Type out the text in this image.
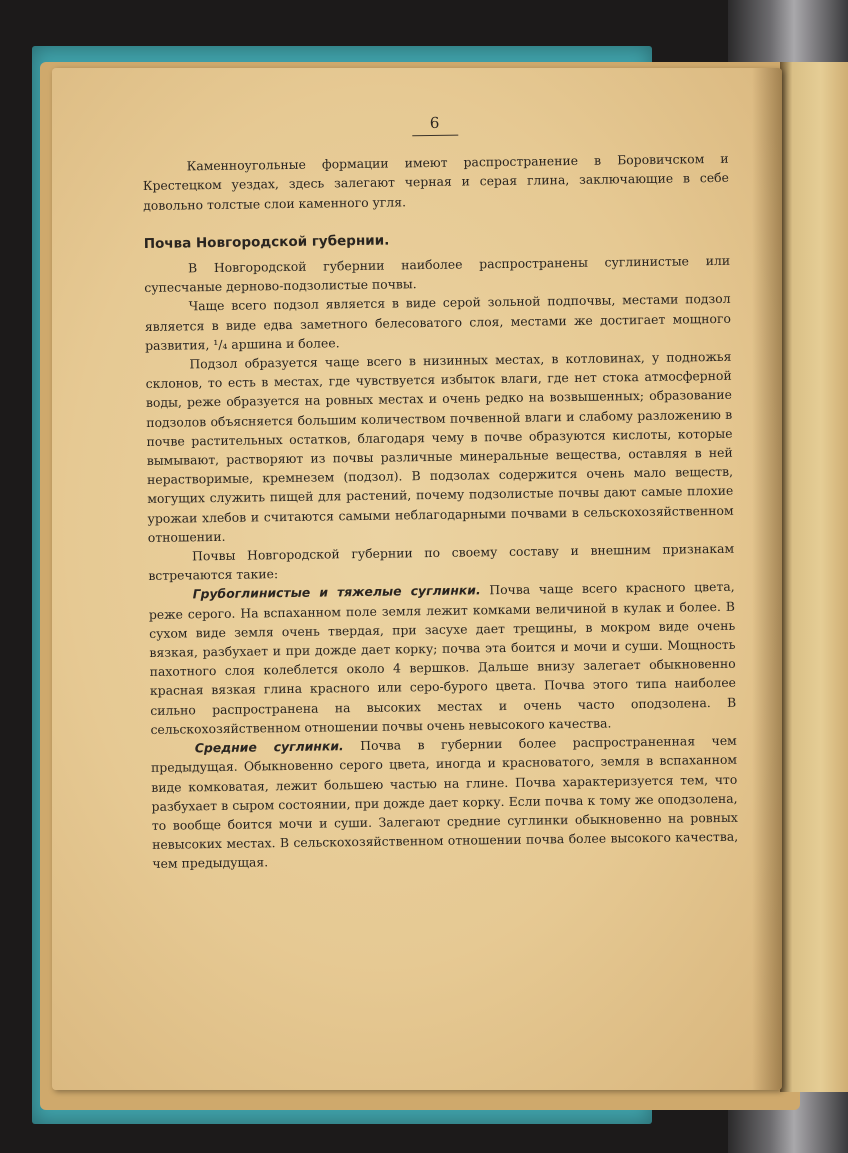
6

Каменноугольные формации имеют распространение в Боровичском и Крестецком уездах, здесь залегают черная и серая глина, заключающие в себе довольно толстые слои каменного угля.

Почва Новгородской губернии.

В Новгородской губернии наиболее распространены суглинистые или супесчаные дерново-подзолистые почвы.

Чаще всего подзол является в виде серой зольной подпочвы, местами подзол является в виде едва заметного белесоватого слоя, местами же достигает мощного развития, ¹/₄ аршина и более.

Подзол образуется чаще всего в низинных местах, в котловинах, у подножья склонов, то есть в местах, где чувствуется избыток влаги, где нет стока атмосферной воды, реже образуется на ровных местах и очень редко на возвышенных; образование подзолов объясняется большим количеством почвенной влаги и слабому разложению в почве растительных остатков, благодаря чему в почве образуются кислоты, которые вымывают, растворяют из почвы различные минеральные вещества, оставляя в ней нерастворимые, кремнезем (подзол). В подзолах содержится очень мало веществ, могущих служить пищей для растений, почему подзолистые почвы дают самые плохие урожаи хлебов и считаются самыми неблагодарными почвами в сельскохозяйственном отношении.

Почвы Новгородской губернии по своему составу и внешним признакам встречаются такие:

Грубоглинистые и тяжелые суглинки. Почва чаще всего красного цвета, реже серого. На вспаханном поле земля лежит комками величиной в кулак и более. В сухом виде земля очень твердая, при засухе дает трещины, в мокром виде очень вязкая, разбухает и при дожде дает корку; почва эта боится и мочи и суши. Мощность пахотного слоя колеблется около 4 вершков. Дальше внизу залегает обыкновенно красная вязкая глина красного или серо-бурого цвета. Почва этого типа наиболее сильно распространена на высоких местах и очень часто оподзолена. В сельскохозяйственном отношении почвы очень невысокого качества.

Средние суглинки. Почва в губернии более распространенная чем предыдущая. Обыкновенно серого цвета, иногда и красноватого, земля в вспаханном виде комковатая, лежит большею частью на глине. Почва характеризуется тем, что разбухает в сыром состоянии, при дожде дает корку. Если почва к тому же оподзолена, то вообще боится мочи и суши. Залегают средние суглинки обыкновенно на ровных невысоких местах. В сельскохозяйственном отношении почва более высокого качества, чем предыдущая.
